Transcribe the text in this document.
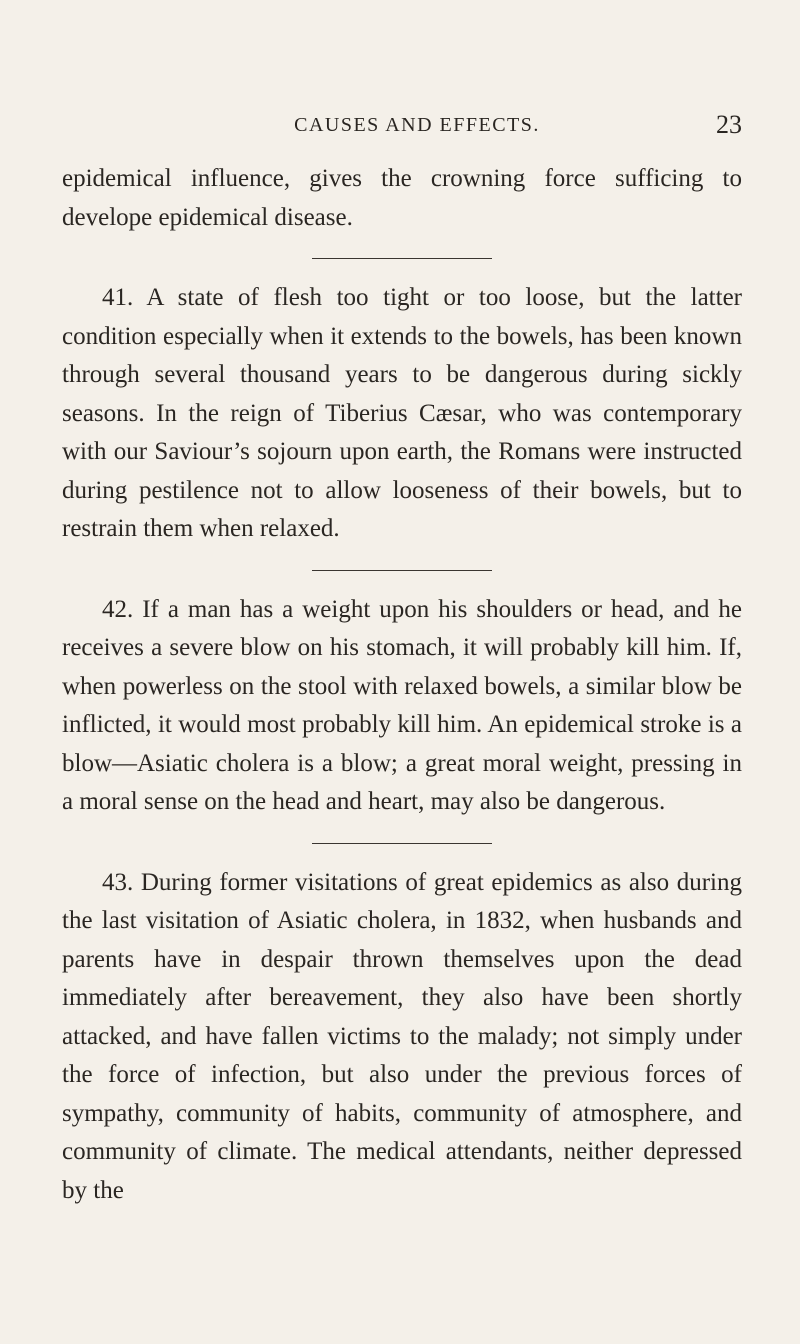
CAUSES AND EFFECTS.	23

epidemical influence, gives the crowning force sufficing to develope epidemical disease.

41. A state of flesh too tight or too loose, but the latter condition especially when it extends to the bowels, has been known through several thousand years to be dangerous during sickly seasons. In the reign of Tiberius Cæsar, who was contemporary with our Saviour’s sojourn upon earth, the Romans were instructed during pestilence not to allow looseness of their bowels, but to restrain them when relaxed.

42. If a man has a weight upon his shoulders or head, and he receives a severe blow on his stomach, it will probably kill him. If, when powerless on the stool with relaxed bowels, a similar blow be inflicted, it would most probably kill him. An epidemical stroke is a blow—Asiatic cholera is a blow; a great moral weight, pressing in a moral sense on the head and heart, may also be dangerous.

43. During former visitations of great epidemics as also during the last visitation of Asiatic cholera, in 1832, when husbands and parents have in despair thrown themselves upon the dead immediately after bereavement, they also have been shortly attacked, and have fallen victims to the malady; not simply under the force of infection, but also under the previous forces of sympathy, community of habits, community of atmosphere, and community of climate. The medical attendants, neither depressed by the
